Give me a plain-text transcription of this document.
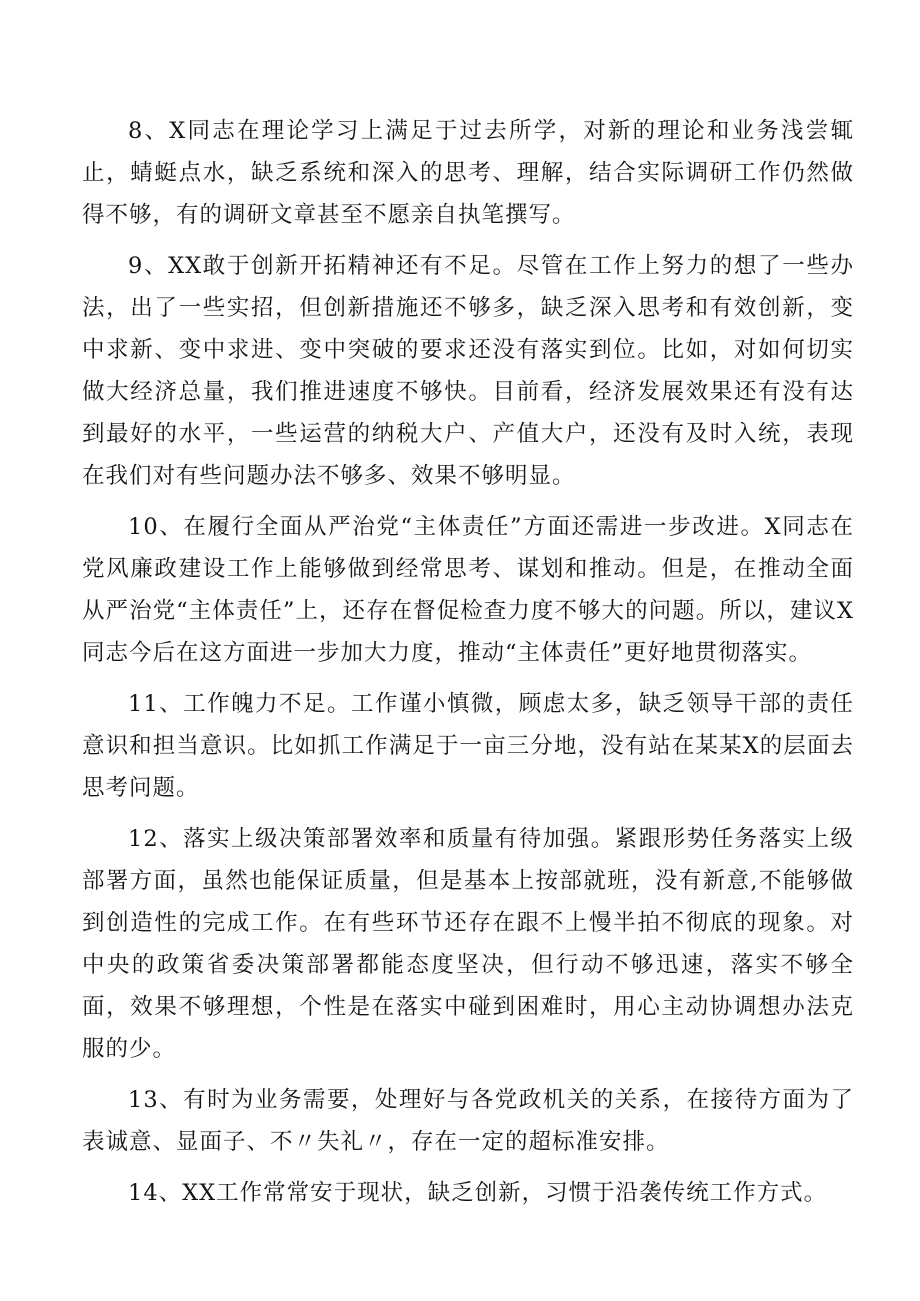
8、X同志在理论学习上满足于过去所学，对新的理论和业务浅尝辄止，蜻蜓点水，缺乏系统和深入的思考、理解，结合实际调研工作仍然做得不够，有的调研文章甚至不愿亲自执笔撰写。

9、XX敢于创新开拓精神还有不足。尽管在工作上努力的想了一些办法，出了一些实招，但创新措施还不够多，缺乏深入思考和有效创新，变中求新、变中求进、变中突破的要求还没有落实到位。比如，对如何切实做大经济总量，我们推进速度不够快。目前看，经济发展效果还有没有达到最好的水平，一些运营的纳税大户、产值大户，还没有及时入统，表现在我们对有些问题办法不够多、效果不够明显。

10、在履行全面从严治党“主体责任”方面还需进一步改进。X同志在党风廉政建设工作上能够做到经常思考、谋划和推动。但是，在推动全面从严治党“主体责任”上，还存在督促检查力度不够大的问题。所以，建议X同志今后在这方面进一步加大力度，推动“主体责任”更好地贯彻落实。

11、工作魄力不足。工作谨小慎微，顾虑太多，缺乏领导干部的责任意识和担当意识。比如抓工作满足于一亩三分地，没有站在某某X的层面去思考问题。

12、落实上级决策部署效率和质量有待加强。紧跟形势任务落实上级部署方面，虽然也能保证质量，但是基本上按部就班，没有新意,不能够做到创造性的完成工作。在有些环节还存在跟不上慢半拍不彻底的现象。对中央的政策省委决策部署都能态度坚决，但行动不够迅速，落实不够全面，效果不够理想，个性是在落实中碰到困难时，用心主动协调想办法克服的少。

13、有时为业务需要，处理好与各党政机关的关系，在接待方面为了表诚意、显面子、不〃失礼〃，存在一定的超标准安排。

14、XX工作常常安于现状，缺乏创新，习惯于沿袭传统工作方式。
